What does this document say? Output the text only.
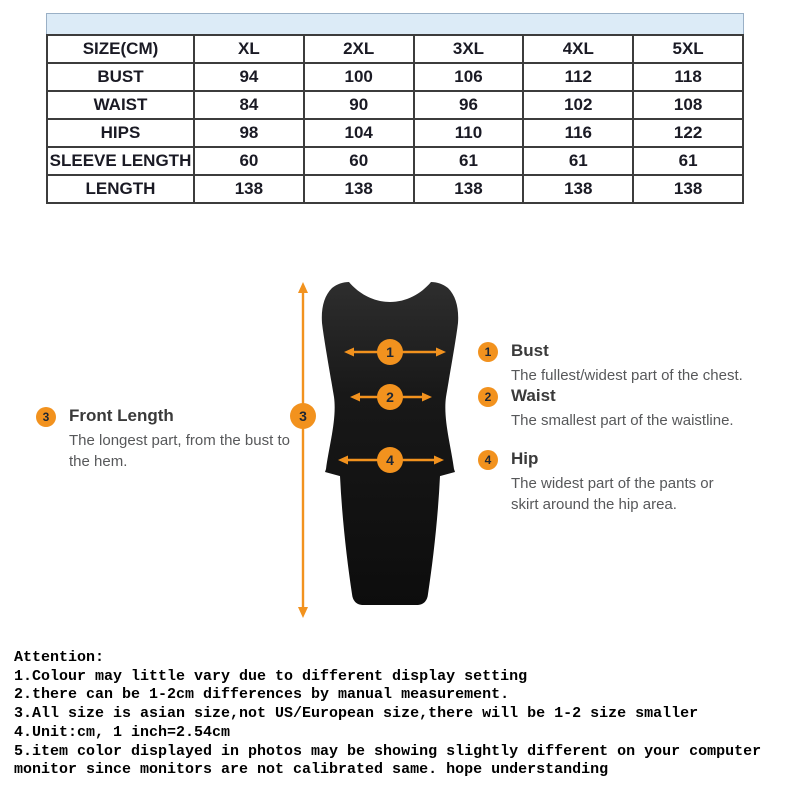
SIZE(CM)	XL	2XL	3XL	4XL	5XL
BUST	94	100	106	112	118
WAIST	84	90	96	102	108
HIPS	98	104	110	116	122
SLEEVE LENGTH	60	60	61	61	61
LENGTH	138	138	138	138	138
1
2
3
4
3	Front Length
The longest part, from the bust to
the hem.
1	Bust
The fullest/widest part of the chest.
2	Waist
The smallest part of the waistline.
4	Hip
The widest part of the pants or
skirt around the hip area.
Attention:
1.Colour may little vary due to different display setting
2.there can be 1-2cm differences by manual measurement.
3.All size is asian size,not US/European size,there will be 1-2 size smaller
4.Unit:cm, 1 inch=2.54cm
5.item color displayed in photos may be showing slightly different on your computer
monitor since monitors are not calibrated same. hope understanding
